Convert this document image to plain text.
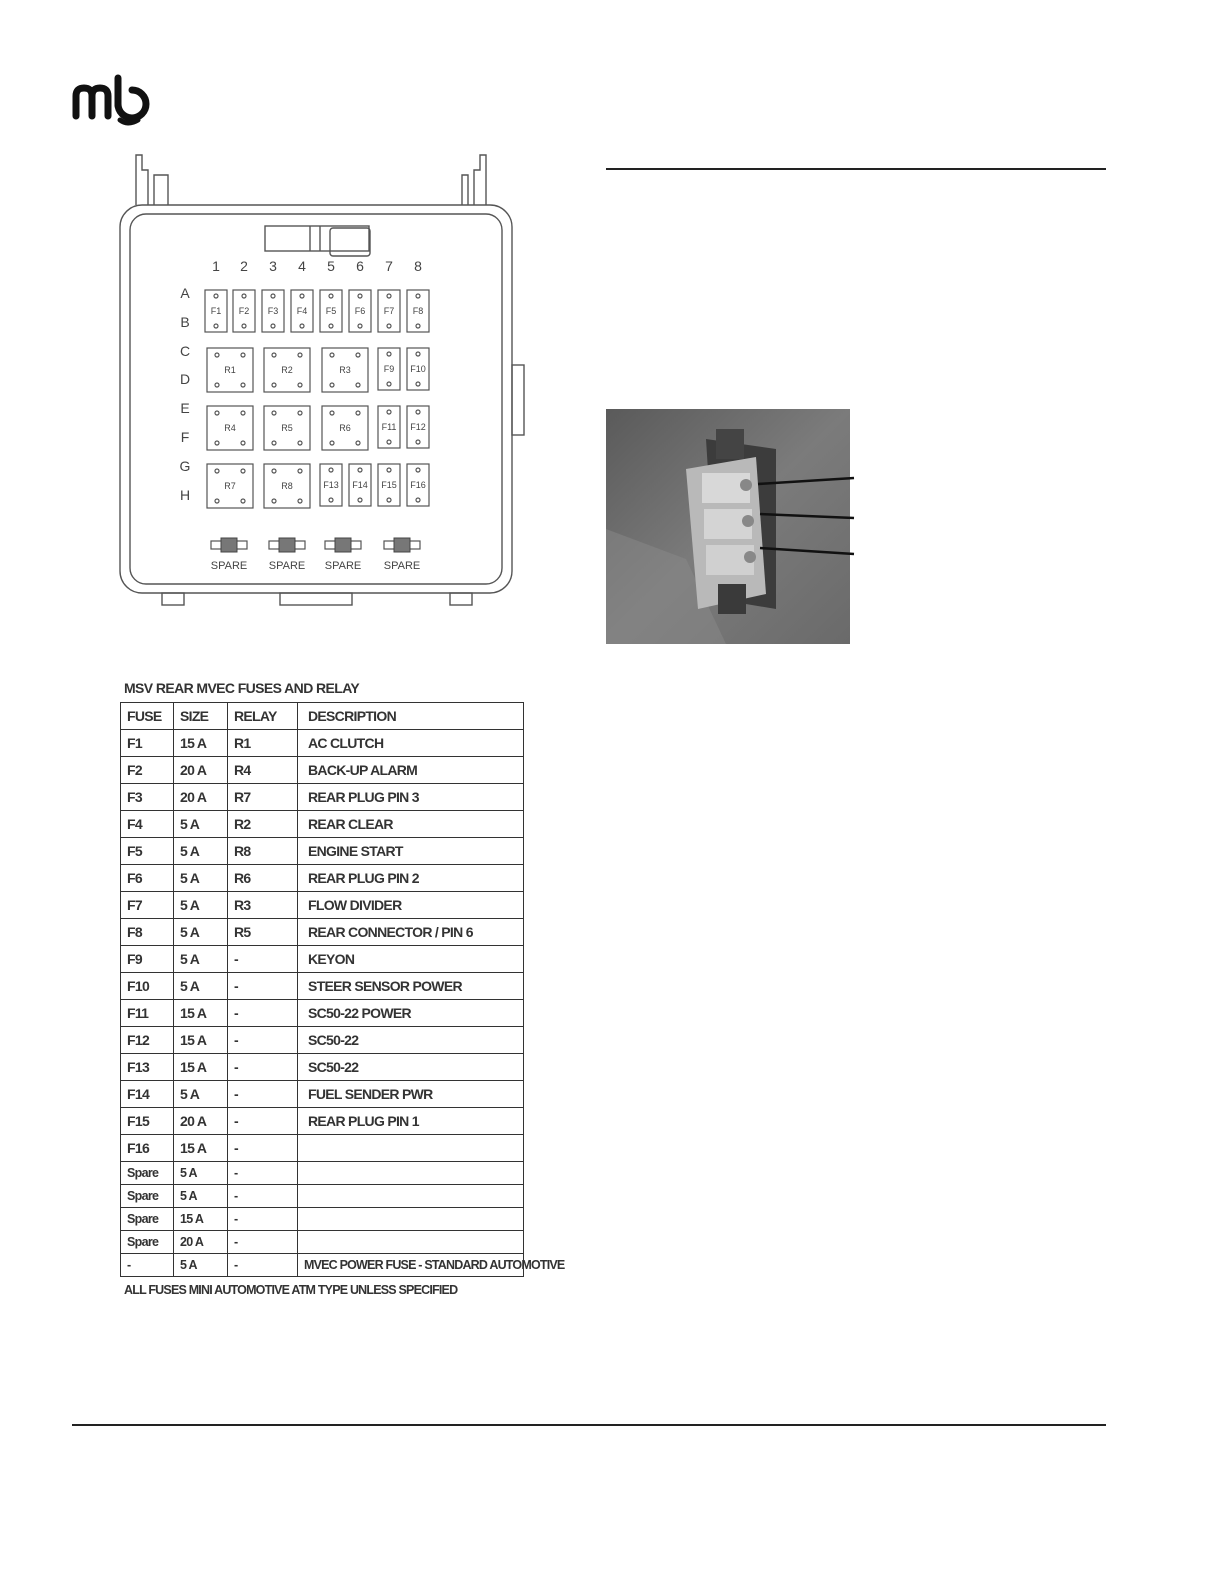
1 2 3 4 5 6 7 8
A
B
C
D
E
F
G
H
F1 F2 F3 F4 F5 F6 F7 F8
R1	R2	R3	F9 F10
R4	R5	R6	F11 F12
R7	R8	F13 F14 F15 F16
SPARE SPARE SPARE SPARE
MSV REAR MVEC FUSES AND RELAY
FUSE	SIZE	RELAY	DESCRIPTION
F1	15 A	R1	AC CLUTCH
F2	20 A	R4	BACK-UP ALARM
F3	20 A	R7	REAR PLUG PIN 3
F4	5 A	R2	REAR CLEAR
F5	5 A	R8	ENGINE START
F6	5 A	R6	REAR PLUG PIN 2
F7	5 A	R3	FLOW DIVIDER
F8	5 A	R5	REAR CONNECTOR / PIN 6
F9	5 A	-	KEYON
F10	5 A	-	STEER SENSOR POWER
F11	15 A	-	SC50-22 POWER
F12	15 A	-	SC50-22
F13	15 A	-	SC50-22
F14	5 A	-	FUEL SENDER PWR
F15	20 A	-	REAR PLUG PIN 1
F16	15 A	-	
Spare	5 A	-	
Spare	5 A	-	
Spare	15 A	-	
Spare	20 A	-	
-	5 A	-	MVEC POWER FUSE - STANDARD AUTOMOTIVE
ALL FUSES MINI AUTOMOTIVE ATM TYPE UNLESS SPECIFIED
